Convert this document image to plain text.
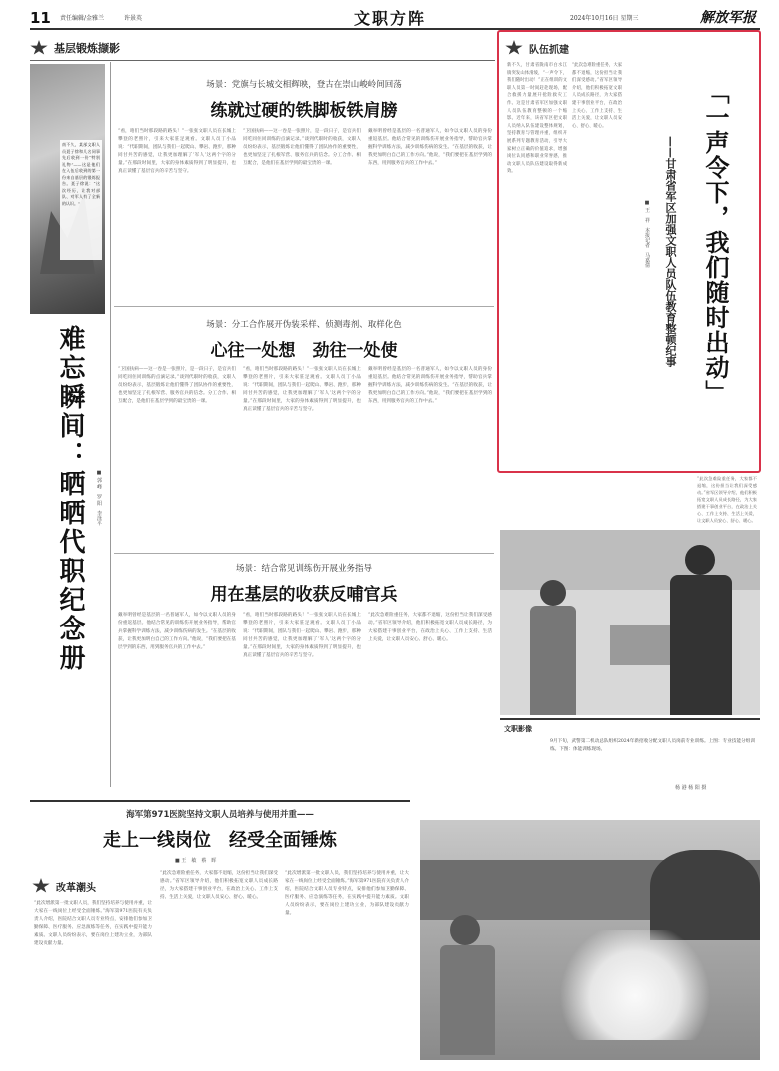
11 责任编辑/金雅兰	许景英	文职方阵	2024年10月16日 星期三	解放军报
基层锻炼撷影
南不久，某部文职人员聂子徐和几名同事先后收到一份“特别礼物”——这是他们在入伍后收到的第一份来自基层的锻炼报告。聂子徐说：“这次经历，让我对部队、对军人有了全新的认识。”
难忘瞬间：晒晒代职纪念册	■ 郭 峰　罗 阳　李泽平
场景：党旗与长城交相辉映，登古在崇山峻岭间回荡
练就过硬的铁脚板铁肩膀
“看，咱们当时那段路的路头！”一张张文职人员在长城上攀登的老照片，引来大家驻足观看。文职人员丁小品说：“代职期间，团队与我们一起爬山、攀岩、跑步，那种同甘共苦的感觉，让我更加理解了‘军人’这两个字的分量。”在那段时间里，大家的身体素质得到了明显提升，也真正读懂了基层官兵的辛苦与坚守。
“卫国扶病——这一卷是一张照片，是一段日子，是官兵们同吃同住同训练的点滴记录。”谈到代职时的收获，文职人员纷纷表示，基层锻炼让他们懂得了团队协作的重要性，也更加坚定了扎根军营、服务官兵的信念。分工合作、相互配合，是他们在基层学到的最宝贵的一课。
戴举明曾经是基层的一名普通军人，如今以文职人员的身份重返基层。他结合常见的训练伤开展业务指导，帮助官兵掌握科学训练方法，减少训练伤病的发生。“在基层的收获，让我更加明白自己的工作方向。”他说，“我们要把在基层学到的东西，用到服务官兵的工作中去。”
场景：分工合作展开伪装采样、侦测毒剂、取样化色
心往一处想　劲往一处使
“卫国扶病——这一卷是一张照片，是一段日子，是官兵们同吃同住同训练的点滴记录。”谈到代职时的收获，文职人员纷纷表示，基层锻炼让他们懂得了团队协作的重要性，也更加坚定了扎根军营、服务官兵的信念。分工合作、相互配合，是他们在基层学到的最宝贵的一课。
“看，咱们当时那段路的路头！”一张张文职人员在长城上攀登的老照片，引来大家驻足观看。文职人员丁小品说：“代职期间，团队与我们一起爬山、攀岩、跑步，那种同甘共苦的感觉，让我更加理解了‘军人’这两个字的分量。”在那段时间里，大家的身体素质得到了明显提升，也真正读懂了基层官兵的辛苦与坚守。
戴举明曾经是基层的一名普通军人，如今以文职人员的身份重返基层。他结合常见的训练伤开展业务指导，帮助官兵掌握科学训练方法，减少训练伤病的发生。“在基层的收获，让我更加明白自己的工作方向。”他说，“我们要把在基层学到的东西，用到服务官兵的工作中去。”
场景：结合常见训练伤开展业务指导
用在基层的收获反哺官兵
戴举明曾经是基层的一名普通军人，如今以文职人员的身份重返基层。他结合常见的训练伤开展业务指导，帮助官兵掌握科学训练方法，减少训练伤病的发生。“在基层的收获，让我更加明白自己的工作方向。”他说，“我们要把在基层学到的东西，用到服务官兵的工作中去。”
“看，咱们当时那段路的路头！”一张张文职人员在长城上攀登的老照片，引来大家驻足观看。文职人员丁小品说：“代职期间，团队与我们一起爬山、攀岩、跑步，那种同甘共苦的感觉，让我更加理解了‘军人’这两个字的分量。”在那段时间里，大家的身体素质得到了明显提升，也真正读懂了基层官兵的辛苦与坚守。
“此次急难险重任务，大家都不退缩，这份担当让我们深受感动。”省军区领导介绍，他们积极拓宽文职人员成长路径，为大家搭建干事创业平台，在政治上关心、工作上支持、生活上关爱，让文职人员安心、舒心、暖心。
队伍抓建
新不久，甘肃省陇南市白水江镇突发山体滑坡，“一声令下，我们随时出动！”正在组训的文职人员第一时间赶赴现场，配合救援力量展开抢险救灾工作。这是甘肃省军区加强文职人员队伍教育整顿的一个缩影。近年来，该省军区把文职人员纳入队伍建设整体规划，坚持教育与管理并重，组织开展系列专题教育活动，引导大家树立正确的价值追求，增强岗位认同感和职业荣誉感，推动文职人员队伍建设取得新成效。
“此次急难险重任务，大家都不退缩，这份担当让我们深受感动。”省军区领导介绍，他们积极拓宽文职人员成长路径，为大家搭建干事创业平台，在政治上关心、工作上支持、生活上关爱，让文职人员安心、舒心、暖心。	「一声令下，我们随时出动」
——甘肃省军区加强文职人员队伍教育整顿纪事
■ 王　祥　本报记者　马嘉倩
“此次急难险重任务，大家都不退缩，这份担当让我们深受感动。”省军区领导介绍，他们积极拓宽文职人员成长路径，为大家搭建干事创业平台，在政治上关心、工作上支持、生活上关爱，让文职人员安心、舒心、暖心。
文职影像
9月下旬，武警第二机动总队组织2024年新招收分配文职人员岗前专业训练。上图：专业技能分组训练。下图：体能训练现场。
杨 港 杨 阳 摄
海军第971医院坚持文职人员培养与使用并重——
走上一线岗位　经受全面锤炼
■ 王　敏　蔡　晖
改革潮头
“此次增派第一批文职人员，我们坚持培养与使用并重，让大家在一线岗位上经受全面锤炼。”海军第971医院有关负责人介绍，医院结合文职人员专业特点，安排他们参加卫勤保障、医疗服务、应急演练等任务，在实践中提升能力素质。文职人员纷纷表示，要在岗位上建功立业，为部队建设贡献力量。
“此次急难险重任务，大家都不退缩，这份担当让我们深受感动。”省军区领导介绍，他们积极拓宽文职人员成长路径，为大家搭建干事创业平台，在政治上关心、工作上支持、生活上关爱，让文职人员安心、舒心、暖心。
“此次增派第一批文职人员，我们坚持培养与使用并重，让大家在一线岗位上经受全面锤炼。”海军第971医院有关负责人介绍，医院结合文职人员专业特点，安排他们参加卫勤保障、医疗服务、应急演练等任务，在实践中提升能力素质。文职人员纷纷表示，要在岗位上建功立业，为部队建设贡献力量。
